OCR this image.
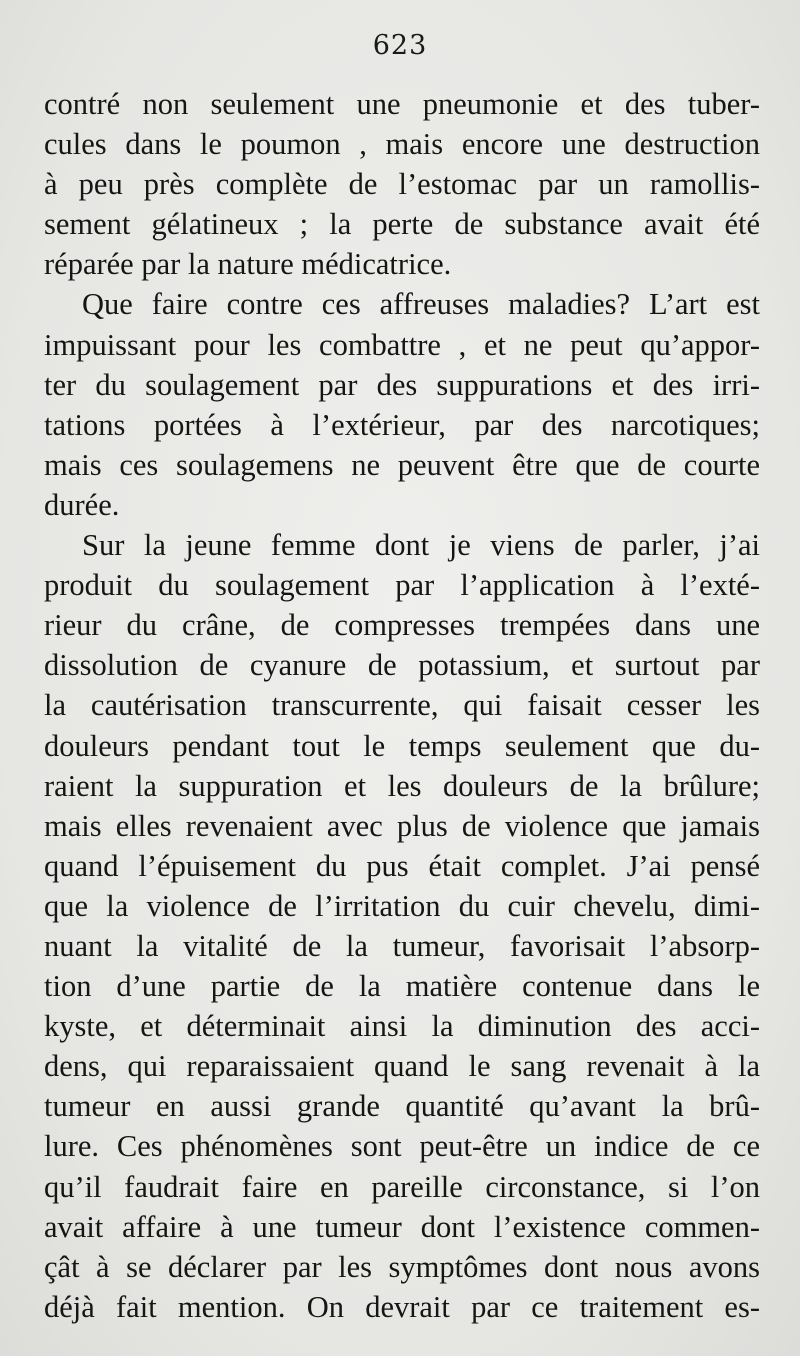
623
contré non seulement une pneumonie et des tuber-
cules dans le poumon , mais encore une destruction
à peu près complète de l’estomac par un ramollis-
sement gélatineux ; la perte de substance avait été
réparée par la nature médicatrice.
Que faire contre ces affreuses maladies? L’art est
impuissant pour les combattre , et ne peut qu’appor-
ter du soulagement par des suppurations et des irri-
tations portées à l’extérieur, par des narcotiques;
mais ces soulagemens ne peuvent être que de courte
durée.
Sur la jeune femme dont je viens de parler, j’ai
produit du soulagement par l’application à l’exté-
rieur du crâne, de compresses trempées dans une
dissolution de cyanure de potassium, et surtout par
la cautérisation transcurrente, qui faisait cesser les
douleurs pendant tout le temps seulement que du-
raient la suppuration et les douleurs de la brûlure;
mais elles revenaient avec plus de violence que jamais
quand l’épuisement du pus était complet. J’ai pensé
que la violence de l’irritation du cuir chevelu, dimi-
nuant la vitalité de la tumeur, favorisait l’absorp-
tion d’une partie de la matière contenue dans le
kyste, et déterminait ainsi la diminution des acci-
dens, qui reparaissaient quand le sang revenait à la
tumeur en aussi grande quantité qu’avant la brû-
lure. Ces phénomènes sont peut-être un indice de ce
qu’il faudrait faire en pareille circonstance, si l’on
avait affaire à une tumeur dont l’existence commen-
çât à se déclarer par les symptômes dont nous avons
déjà fait mention. On devrait par ce traitement es-
